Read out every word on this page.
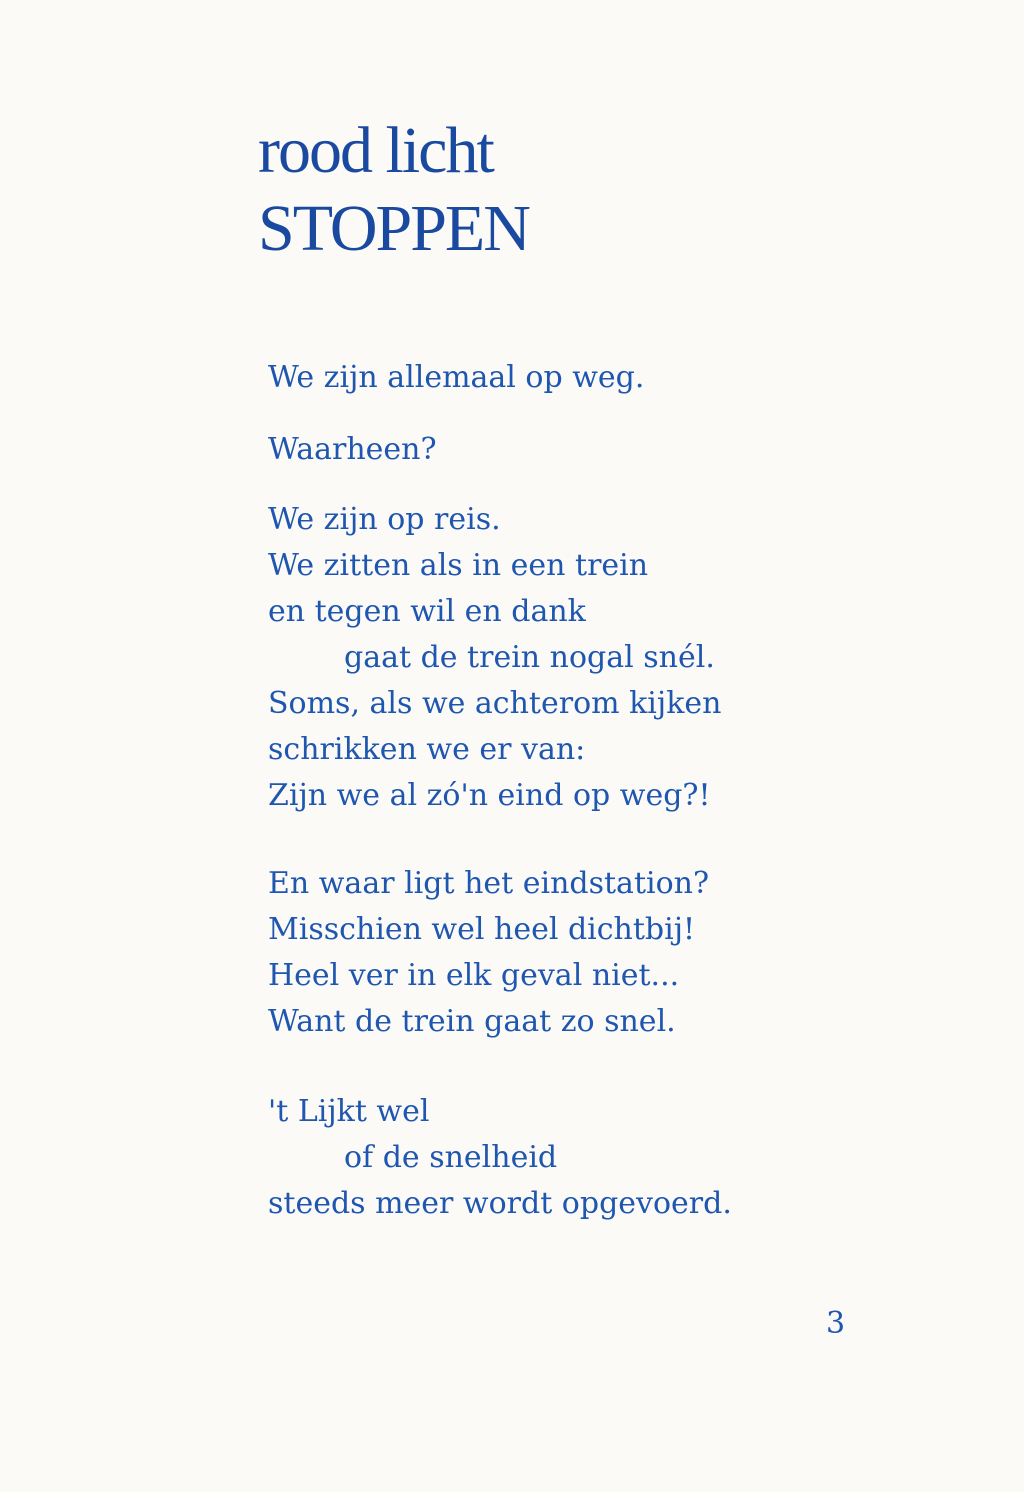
rood licht
STOPPEN
We zijn allemaal op weg.
Waarheen?
We zijn op reis.
We zitten als in een trein
en tegen wil en dank
gaat de trein nogal snél.
Soms, als we achterom kijken
schrikken we er van:
Zijn we al zó'n eind op weg?!
En waar ligt het eindstation?
Misschien wel heel dichtbij!
Heel ver in elk geval niet...
Want de trein gaat zo snel.
't Lijkt wel
of de snelheid
steeds meer wordt opgevoerd.
3
